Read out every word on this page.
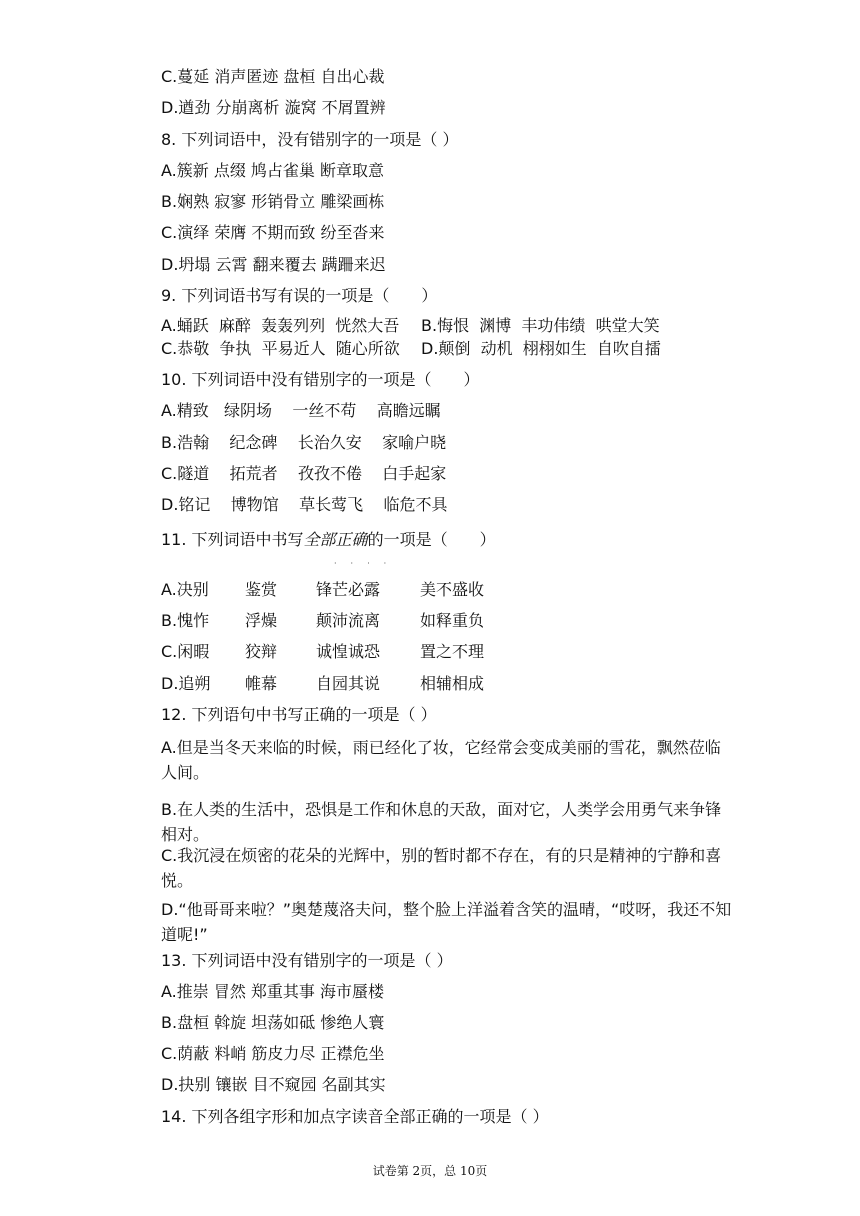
C.蔓延 消声匿迹 盘桓 自出心裁
D.遒劲 分崩离析 漩窝 不屑置辨
8. 下列词语中，没有错别字的一项是（ ）
A.簇新 点缀 鸠占雀巢 断章取意
B.娴熟 寂寥 形销骨立 雕梁画栋
C.演绎 荣膺 不期而致 纷至沓来
D.坍塌 云霄 翻来覆去 蹒跚来迟
9. 下列词语书写有误的一项是（　　）
A.蛹跃  麻醉  轰轰列列  恍然大吾 B.悔恨  渊博  丰功伟绩  哄堂大笑
C.恭敬  争执  平易近人  随心所欲 D.颠倒  动机  栩栩如生  自吹自擂
10. 下列词语中没有错别字的一项是（　　）
A.精致   绿阴场    一丝不苟    高瞻远瞩
B.浩翰    纪念碑    长治久安    家喻户晓
C.隧道    拓荒者    孜孜不倦    白手起家
D.铭记    博物馆    草长莺飞    临危不具
11. 下列词语中书写全部正确的一项是（　　）
····
A.决别 鉴赏 锋芒必露 美不盛收
B.愧怍 浮燥 颠沛流离 如释重负
C.闲暇 狡辩 诚惶诚恐 置之不理
D.追朔 帷幕 自园其说 相辅相成
12. 下列语句中书写正确的一项是（ ）
A.但是当冬天来临的时候，雨已经化了妆，它经常会变成美丽的雪花，飘然莅临人间。
B.在人类的生活中，恐惧是工作和休息的天敌，面对它，人类学会用勇气来争锋相对。
C.我沉浸在烦密的花朵的光辉中，别的暂时都不存在，有的只是精神的宁静和喜悦。
D.“他哥哥来啦？”奥楚蔑洛夫问，整个脸上洋溢着含笑的温晴，“哎呀，我还不知道呢!”
13. 下列词语中没有错别字的一项是（ ）
A.推崇 冒然 郑重其事 海市蜃楼
B.盘桓 斡旋 坦荡如砥 惨绝人寰
C.荫蔽 料峭 筋皮力尽 正襟危坐
D.抉别 镶嵌 目不窥园 名副其实
14. 下列各组字形和加点字读音全部正确的一项是（ ）
试卷第 2页，总 10页
